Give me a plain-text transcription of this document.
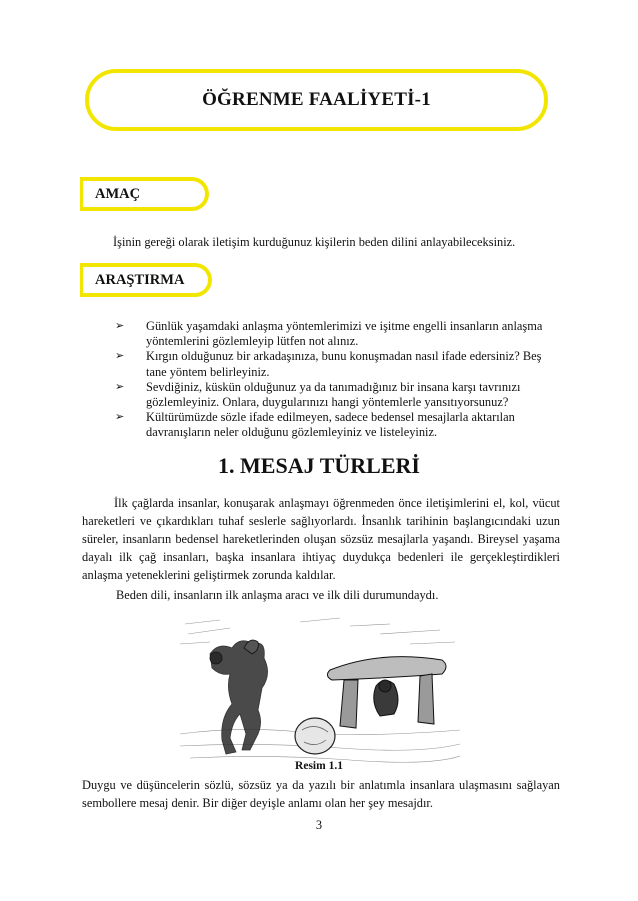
ÖĞRENME FAALİYETİ-1
AMAÇ
İşinin gereği olarak iletişim kurduğunuz kişilerin beden dilini anlayabileceksiniz.
ARAŞTIRMA
➢ Günlük yaşamdaki anlaşma yöntemlerimizi ve işitme engelli insanların anlaşma yöntemlerini gözlemleyip lütfen not alınız.
➢ Kırgın olduğunuz bir arkadaşınıza, bunu konuşmadan nasıl ifade edersiniz? Beş tane yöntem belirleyiniz.
➢ Sevdiğiniz, küskün olduğunuz ya da tanımadığınız bir insana karşı tavrınızı gözlemleyiniz. Onlara, duygularınızı hangi yöntemlerle yansıtıyorsunuz?
➢ Kültürümüzde sözle ifade edilmeyen, sadece bedensel mesajlarla aktarılan davranışların neler olduğunu gözlemleyiniz ve listeleyiniz.
1. MESAJ TÜRLERİ
İlk çağlarda insanlar, konuşarak anlaşmayı öğrenmeden önce iletişimlerini el, kol, vücut hareketleri ve çıkardıkları tuhaf seslerle sağlıyorlardı. İnsanlık tarihinin başlangıcındaki uzun süreler, insanların bedensel hareketlerinden oluşan sözsüz mesajlarla yaşandı. Bireysel yaşama dayalı ilk çağ insanları, başka insanlara ihtiyaç duydukça bedenleri ile gerçekleştirdikleri anlaşma yeteneklerini geliştirmek zorunda kaldılar.
Beden dili, insanların ilk anlaşma aracı ve ilk dili durumundaydı.
Resim 1.1
Duygu ve düşüncelerin sözlü, sözsüz ya da yazılı bir anlatımla insanlara ulaşmasını sağlayan sembollere mesaj denir. Bir diğer deyişle anlamı olan her şey mesajdır.
3
